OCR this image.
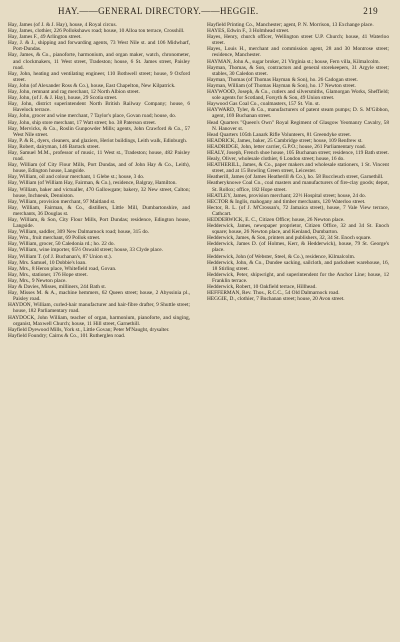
HAY.——GENERAL DIRECTORY.——HEGGIE.	219

Hay, James (of J. & J. Hay), house, 4 Royal circus.

Hay, James, clothier, 226 Pollokshaws road; house, 10 Alloa ton terrace, Crosshill.

Hay, James F., 49 Arlington street.

Hay, J. & J., shipping and forwarding agents, 73 West Nile st. and 106 Midwharf, Port-Dundas.

Hay, James, & Co., pianoforte, harmonium, and organ maker, watch, chronometer, and clockmakers, 11 West street, Tradeston; house, 6 St. James street, Paisley road.

Hay, John, heating and ventilating engineer, 110 Bothwell street; house, 9 Oxford street.

Hay, John (of Alexander Ross & Co.), house, East Chapelton, New Kilpatrick.

Hay, John, remnant and rag merchant, 12 North Albion street.

Hay, John, (of J. & J. Hay), house, 29 Scotia street.

Hay, John, district superintendent North British Railway Company; house, 6 Havelock terrace.

Hay, John, grocer and wine merchant, 7 Taylor's place, Govan road; house, do.

Hay, John, ship store merchant, 17 Watt street; ho. 38 Paterson street.

Hay, Mervicks, & Co., Roslin Gunpowder Mills; agents, John Crawford & Co., 57 West Nile street.

Hay, P. & R., dyers, cleaners, and glaziers, Heriot buildings, Leith walk, Edinburgh.

Hay, Robert, dairyman, 146 Barrack street.

Hay, Samuel M.M., professor of music, 11 West st., Tradeston; house, 482 Paisley road.

Hay, William (of City Flour Mills, Port Dundas, and of John Hay & Co., Leith), house, Edington house, Langside.

Hay, William, oil and colour merchant, 1 Glebe st.; house, 3 do.

Hay, William (of William Hay, Fairman, & Co.), residence, Balgray, Hamilton.

Hay, William, baker and victualler, 470 Gallowgate; bakery, 32 New street, Calton; house, Inchneuk, Denniston.

Hay, William, provision merchant, 97 Maitland st.

Hay, William, Fairman, & Co., distillers, Little Mill, Dumbartonshire, and merchants, 36 Douglas st.

Hay, William, & Son, City Flour Mills, Port Dundas; residence, Edington house, Langside.

Hay, William, saddler, 309 New Dalmarnock road; house, 315 do.

Hay, Wm., fruit merchant, 69 Pollok street.

Hay, William, grocer, 50 Caledonia rd.; ho. 22 do.

Hay, William, wine importer, 65½ Oswald street; house, 33 Clyde place.

Hay, William T. (of J. Buchanan's, 87 Union st.).

Hay, Mrs. Samuel, 10 Dobbie's loan.

Hay, Mrs., 8 Heron place, Whitefield road, Govan.

Hay, Mrs., stationer, 176 Hope street.

Hay, Mrs., 9 Newton place.

Hay & Davies, Misses, milliners, 244 Bath st.

Hay, Misses M. & A., machine hemmers, 62 Queen street; house, 2 Abyssinia pl., Paisley road.

HAYDON, William, curled-hair manufacturer and hair-fibre drafter, 9 Shuttle street; house, 182 Parliamentary road.

HAYDOCK, John William, teacher of organ, harmonium, pianoforte, and singing, organist, Maxwell Church; house, 11 Hill street, Garnethill.

Hayfield Dyewood Mills, York st., Little Govan; Peter M'Naught, drysalter.

Hayfield Foundry; Cairns & Co., 101 Rutherglen road.

Hayfield Printing Co., Manchester; agent, P. N. Morrison, 13 Exchange place.

HAYES, Edwin F., 3 Holmhead street.

Hayes, Henry, church officer, Wellington street U.P. Church; house, 41 Waterloo street.

Hayes, Louis H., merchant and commission agent, 28 and 30 Montrose street; residence, Manchester.

HAYMAN, John A., sugar broker, 21 Virginia st.; house, Fern villa, Kilmalcolm.

Hayman, Thomas, & Son, contractors and general storekeepers, 31 Argyle street; stables, 30 Caledon street.

Hayman, Thomas (of Thomas Hayman & Son), ho. 26 Cadogan street.

Hayman, William (of Thomas Hayman & Son), ho. 17 Newton street.

HAYWOOD, Joseph, & Co., cutlers and silversmiths, Glamorgan Works, Sheffield; sole agents for Scotland, Forsyth & Son, 49 Union street.

Haywood Gas Coal Co., coalmasters, 157 St. Vin. st.

HAYWARD, Tyler, & Co., manufacturers of patent steam pumps; D. S. M'Gibbon, agent, 169 Buchanan street.

Head Quarters "Queen's Own" Royal Regiment of Glasgow Yeomanry Cavalry, 58 N. Hanover st.

Head Quarters 105th Lanark Rifle Volunteers, 81 Greendyke street.

HEADRICK, James, baker, 25 Cambridge street; house, 109 Renfrew st.

HEADRIDGE, John, letter carrier, G.P.O.; house, 261 Parliamentary road.

HEALY, Joseph, French shoe house, 105 Buchanan street; residence, 119 Bath street.

Healy, Oliver, wholesale clothier, 6 London street; house, 16 do.

HEATHERILL, James, & Co., paper makers and wholesale stationers, 1 St. Vincent street, and at 15 Bowling Green street, Leicester.

Heatherill, James (of James Heatherill & Co.), ho. 58 Buccleuch street, Garnethill.

Heatheryknowe Coal Co., coal masters and manufacturers of fire-clay goods; depot, St. Rollox; office, 182 Hope street.

HEATLEY, James, provision merchant; 22½ Hospital street; house, 24 do.

HECTOR & Inglis, mahogany and timber merchants, 120 Waterloo street.

Hector, R. L. (of J. M'Crossan's, 72 Jamaica street), house, 7 Vale View terrace, Cathcart.

HEDDERWICK, E. C., Citizen Office; house, 26 Newton place.

Hedderwick, James, newspaper proprietor, Citizen Office, 32 and 34 St. Enoch square; house, 26 Newton place, and Kenland, Dumbarton.

Hedderwick, James, & Son, printers and publishers, 32, 34 St. Enoch square.

Hedderwick, James D. (of Holmes, Kerr, & Hedderwick), house, 79 St. George's place.

Hedderwick, John (of Webster, Steel, & Co.), residence, Kilmalcolm.

Hedderwick, John, & Co., Dundee sacking, sailcloth, and packsheet warehouse, 16, 18 Stirling street.

Hedderwick, Peter, shipwright, and superintendent for the Anchor Line; house, 12 Franklin terrace.

Hedderwick, Robert, 10 Oakfield terrace, Hillhead.

HEFFERMAN, Rev. Thos., R.C.C., 54 Old Dalmarnock road.

HEGGIE, D., clothier, 7 Buchanan street; house, 20 Avon street.
